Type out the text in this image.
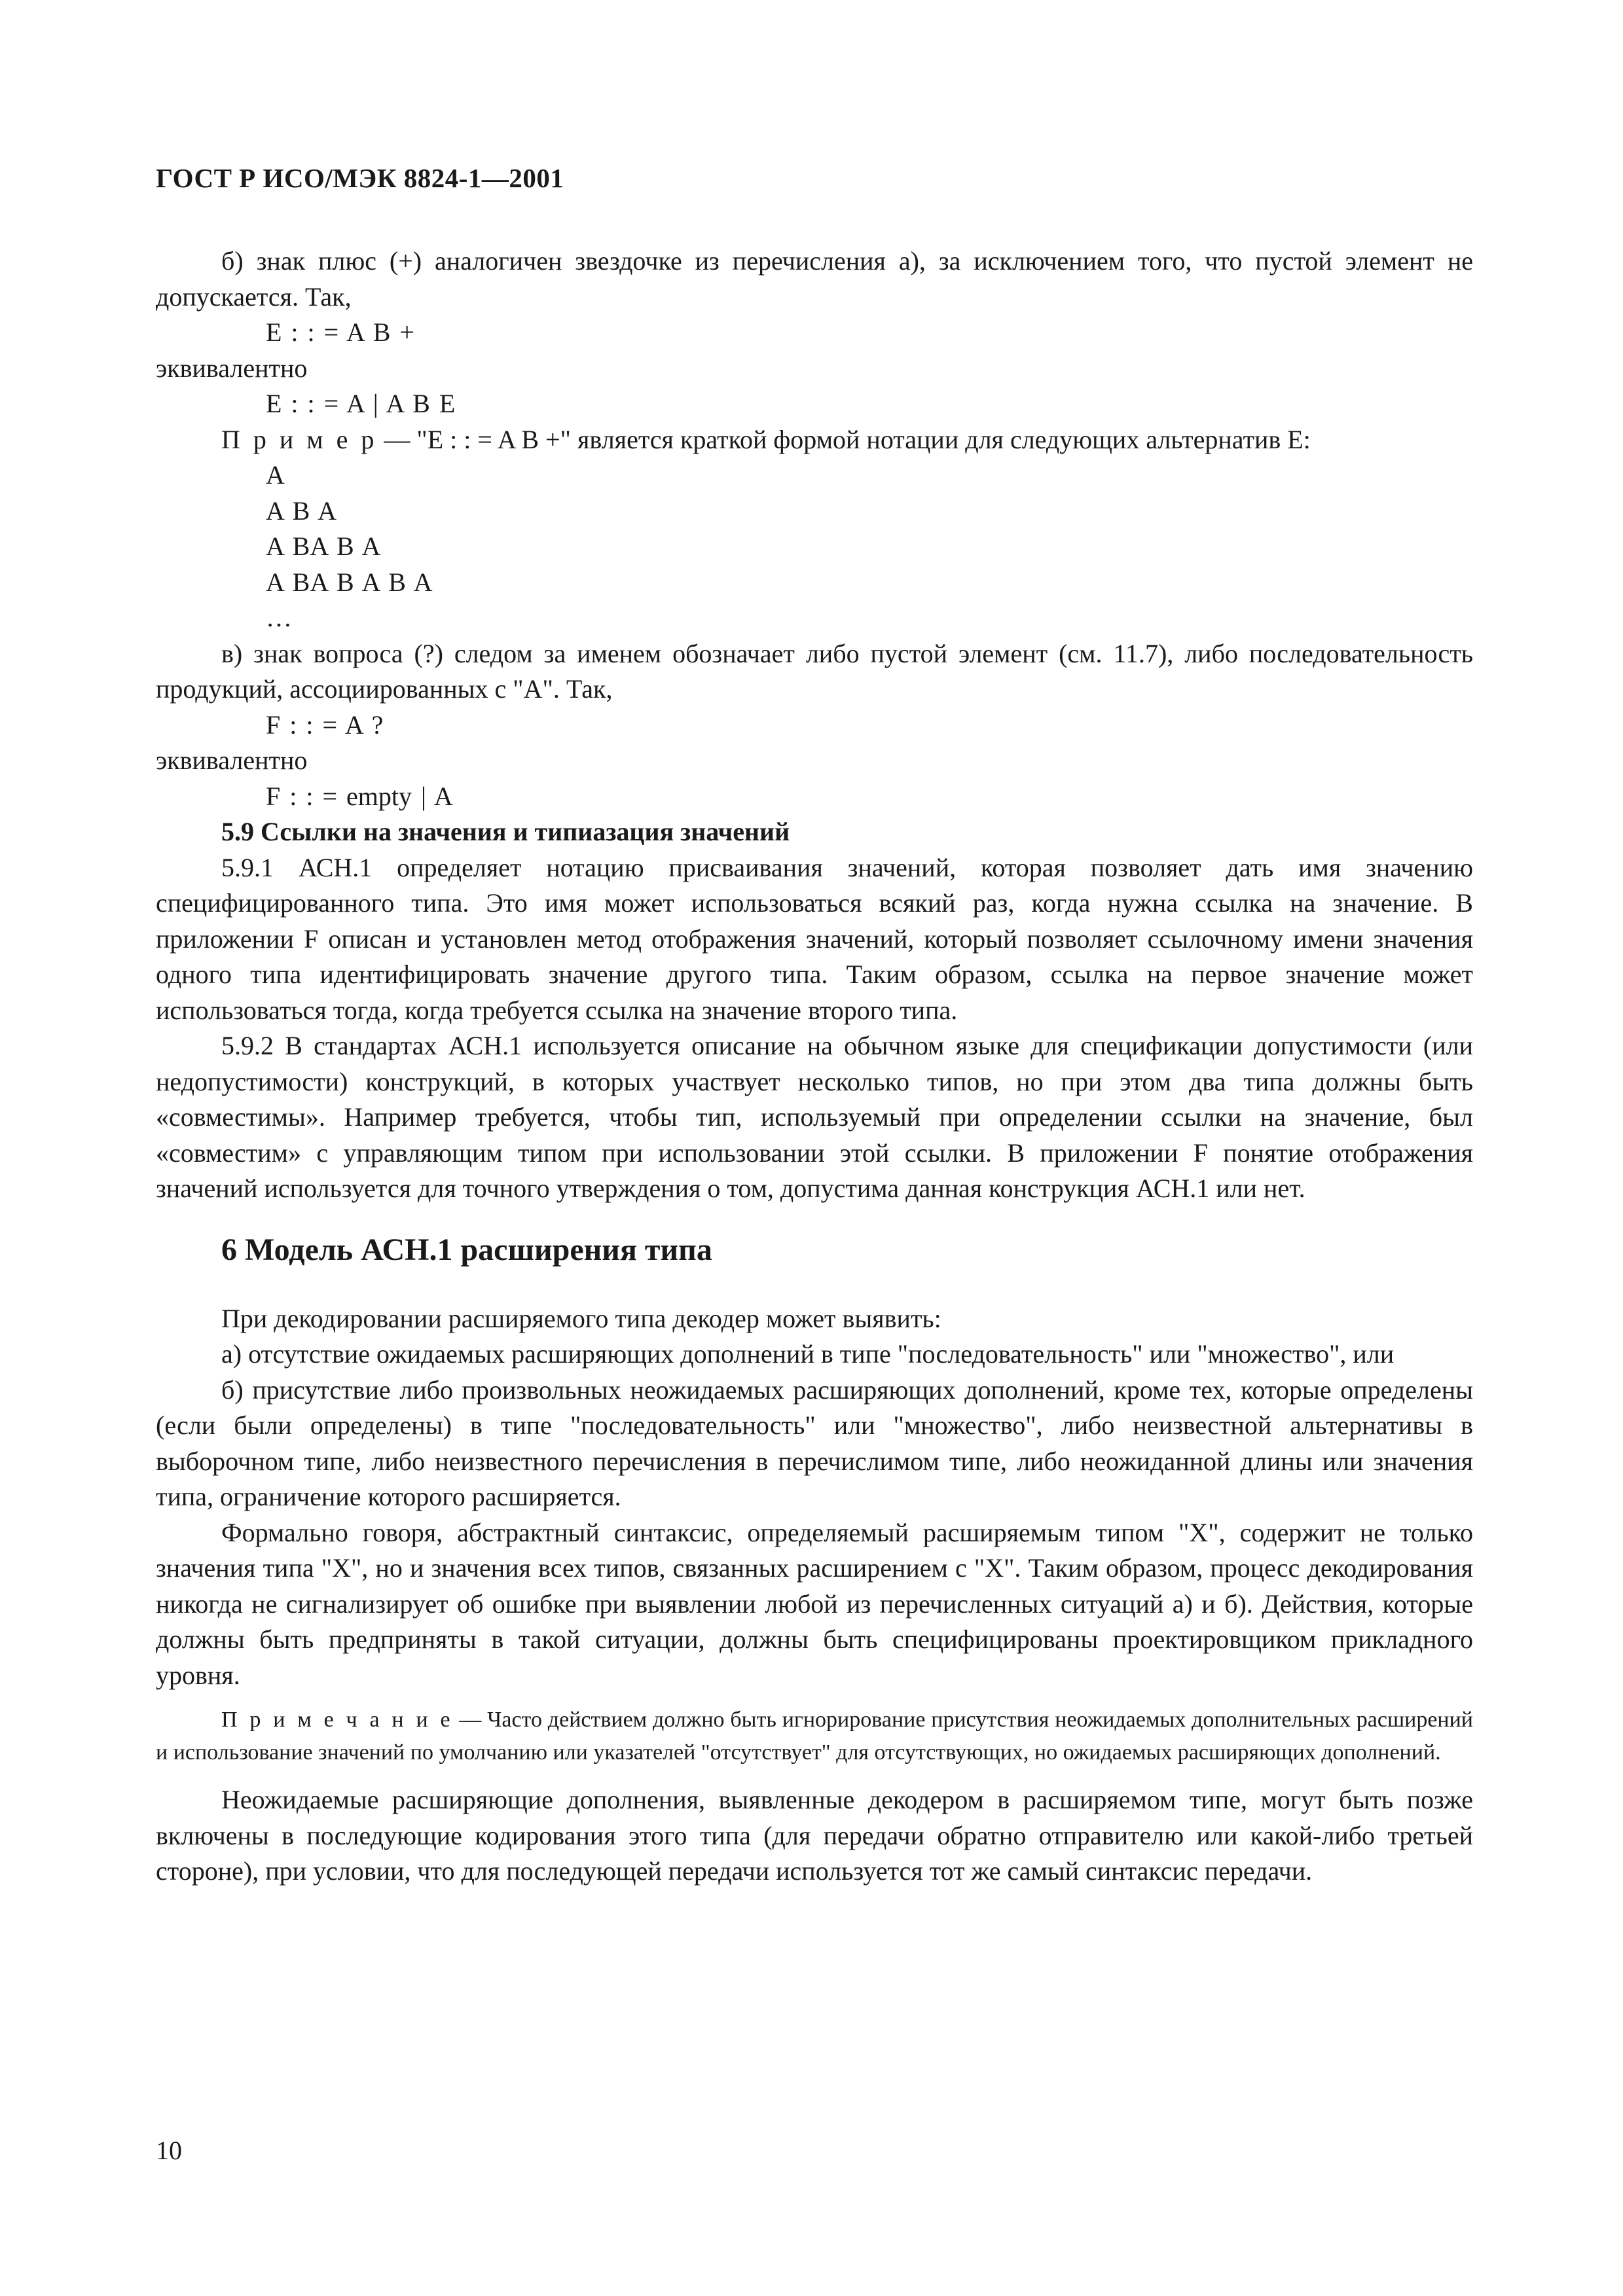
ГОСТ Р ИСО/МЭК 8824-1—2001

б) знак плюс (+) аналогичен звездочке из перечисления а), за исключением того, что пустой элемент не допускается. Так,

E : : = A B +

эквивалентно

E : : = A | A B E

П р и м е р — "E : : = A B +" является краткой формой нотации для следующих альтернатив E:

A
A B A
A BA B A
A BA B A B A
…

в) знак вопроса (?) следом за именем обозначает либо пустой элемент (см. 11.7), либо последовательность продукций, ассоциированных с "A". Так,

F : : = A ?

эквивалентно

F : : = empty | A
5.9 Ссылки на значения и типиазация значений

5.9.1 АСН.1 определяет нотацию присваивания значений, которая позволяет дать имя значению специфицированного типа. Это имя может использоваться всякий раз, когда нужна ссылка на значение. В приложении F описан и установлен метод отображения значений, который позволяет ссылочному имени значения одного типа идентифицировать значение другого типа. Таким образом, ссылка на первое значение может использоваться тогда, когда требуется ссылка на значение второго типа.

5.9.2 В стандартах АСН.1 используется описание на обычном языке для спецификации допустимости (или недопустимости) конструкций, в которых участвует несколько типов, но при этом два типа должны быть «совместимы». Например требуется, чтобы тип, используемый при определении ссылки на значение, был «совместим» с управляющим типом при использовании этой ссылки. В приложении F понятие отображения значений используется для точного утверждения о том, допустима данная конструкция АСН.1 или нет.

6 Модель АСН.1 расширения типа

При декодировании расширяемого типа декодер может выявить:

а) отсутствие ожидаемых расширяющих дополнений в типе "последовательность" или "множество", или

б) присутствие либо произвольных неожидаемых расширяющих дополнений, кроме тех, которые определены (если были определены) в типе "последовательность" или "множество", либо неизвестной альтернативы в выборочном типе, либо неизвестного перечисления в перечислимом типе, либо неожиданной длины или значения типа, ограничение которого расширяется.

Формально говоря, абстрактный синтаксис, определяемый расширяемым типом "X", содержит не только значения типа "X", но и значения всех типов, связанных расширением с "X". Таким образом, процесс декодирования никогда не сигнализирует об ошибке при выявлении любой из перечисленных ситуаций а) и б). Действия, которые должны быть предприняты в такой ситуации, должны быть специфицированы проектировщиком прикладного уровня.

П р и м е ч а н и е — Часто действием должно быть игнорирование присутствия неожидаемых дополнительных расширений и использование значений по умолчанию или указателей "отсутствует" для отсутствующих, но ожидаемых расширяющих дополнений.

Неожидаемые расширяющие дополнения, выявленные декодером в расширяемом типе, могут быть позже включены в последующие кодирования этого типа (для передачи обратно отправителю или какой-либо третьей стороне), при условии, что для последующей передачи используется тот же самый синтаксис передачи.

10
